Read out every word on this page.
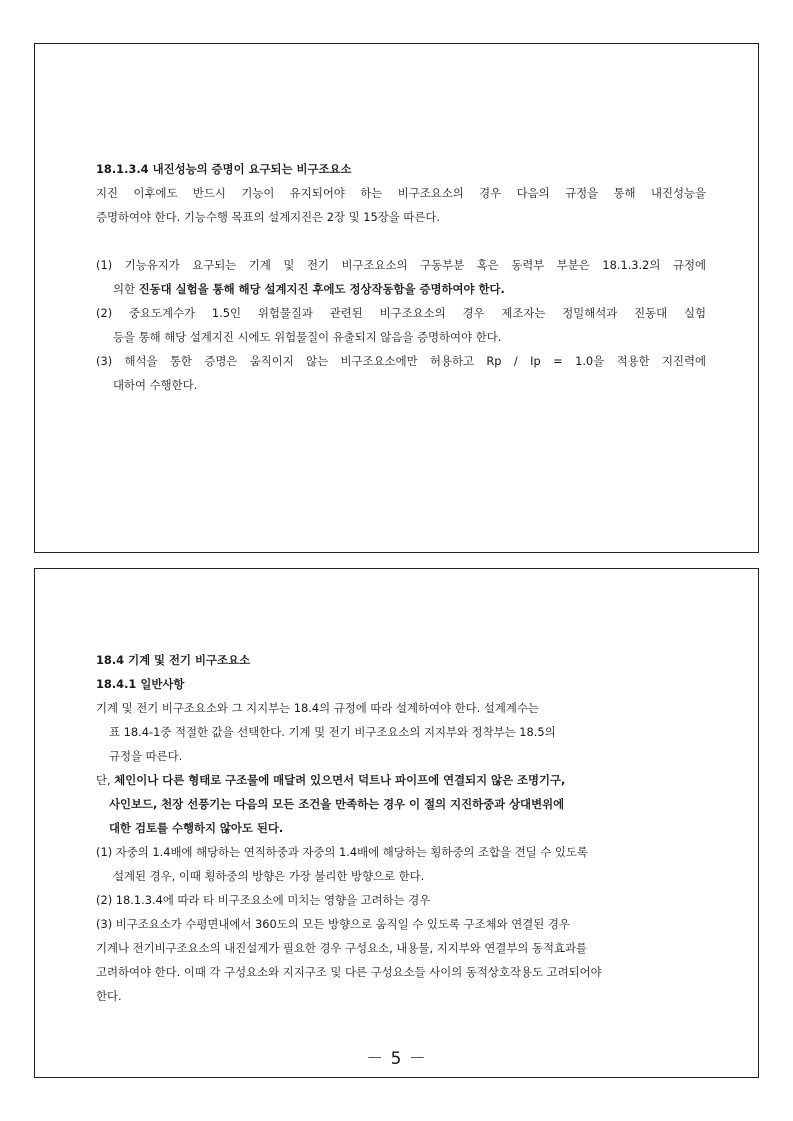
18.1.3.4 내진성능의 증명이 요구되는 비구조요소
지진 이후에도 반드시 기능이 유지되어야 하는 비구조요소의 경우 다음의 규정을 통해 내진성능을
증명하여야 한다. 기능수행 목표의 설계지진은 2장 및 15장을 따른다.
(1) 기능유지가 요구되는 기계 및 전기 비구조요소의 구동부분 혹은 동력부 부분은 18.1.3.2의 규정에
의한 진동대 실험을 통해 해당 설계지진 후에도 정상작동함을 증명하여야 한다.
(2) 중요도계수가 1.5인 위험물질과 관련된 비구조요소의 경우 제조자는 정밀해석과 진동대 실험
등을 통해 해당 설계지진 시에도 위험물질이 유출되지 않음을 증명하여야 한다.
(3) 해석을 통한 증명은 움직이지 않는 비구조요소에만 허용하고 Rp / Ip = 1.0을 적용한 지진력에
대하여 수행한다.
18.4 기계 및 전기 비구조요소
18.4.1 일반사항
기계 및 전기 비구조요소와 그 지지부는 18.4의 규정에 따라 설계하여야 한다. 설계계수는
표 18.4-1중 적절한 값을 선택한다. 기계 및 전기 비구조요소의 지지부와 정착부는 18.5의
규정을 따른다.
단, 체인이나 다른 형태로 구조물에 매달려 있으면서 덕트나 파이프에 연결되지 않은 조명기구,
사인보드, 천장 선풍기는 다음의 모든 조건을 만족하는 경우 이 절의 지진하중과 상대변위에
대한 검토를 수행하지 않아도 된다.
(1) 자중의 1.4배에 해당하는 연직하중과 자중의 1.4배에 해당하는 횡하중의 조합을 견딜 수 있도록
설계된 경우, 이때 횡하중의 방향은 가장 불리한 방향으로 한다.
(2) 18.1.3.4에 따라 타 비구조요소에 미치는 영향을 고려하는 경우
(3) 비구조요소가 수평면내에서 360도의 모든 방향으로 움직일 수 있도록 구조체와 연결된 경우
기계나 전기비구조요소의 내진설계가 필요한 경우 구성요소, 내용물, 지지부와 연결부의 동적효과를
고려하여야 한다. 이때 각 구성요소와 지지구조 및 다른 구성요소들 사이의 동적상호작용도 고려되어야
한다.
－ 5 －
